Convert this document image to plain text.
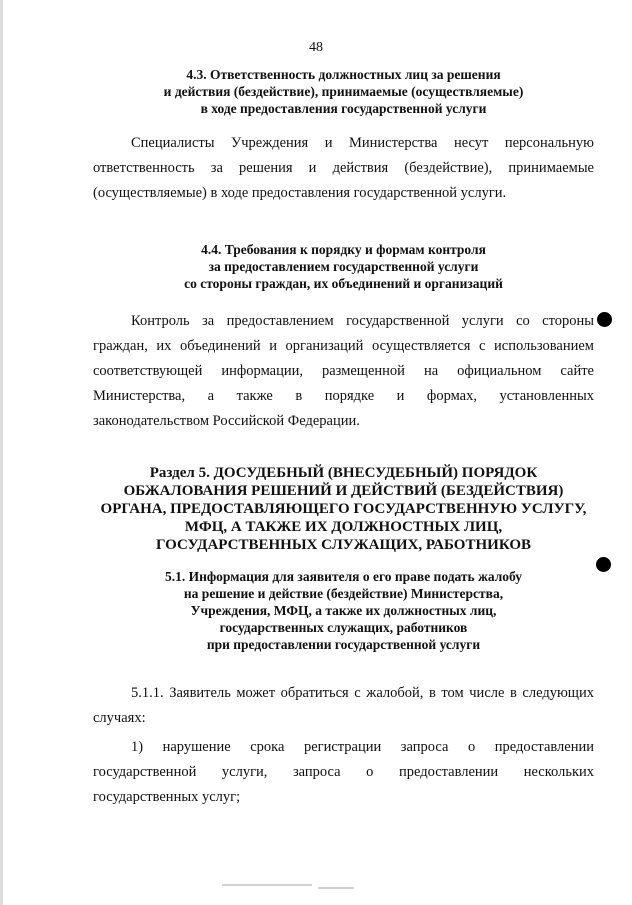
48
4.3. Ответственность должностных лиц за решения
и действия (бездействие), принимаемые (осуществляемые)
в ходе предоставления государственной услуги
Специалисты Учреждения и Министерства несут персональную
ответственность за решения и действия (бездействие), принимаемые
(осуществляемые) в ходе предоставления государственной услуги.
4.4. Требования к порядку и формам контроля
за предоставлением государственной услуги
со стороны граждан, их объединений и организаций
Контроль за предоставлением государственной услуги со стороны
граждан, их объединений и организаций осуществляется с использованием
соответствующей информации, размещенной на официальном сайте
Министерства, а также в порядке и формах, установленных
законодательством Российской Федерации.
Раздел 5. ДОСУДЕБНЫЙ (ВНЕСУДЕБНЫЙ) ПОРЯДОК
ОБЖАЛОВАНИЯ РЕШЕНИЙ И ДЕЙСТВИЙ (БЕЗДЕЙСТВИЯ)
ОРГАНА, ПРЕДОСТАВЛЯЮЩЕГО ГОСУДАРСТВЕННУЮ УСЛУГУ,
МФЦ, А ТАКЖЕ ИХ ДОЛЖНОСТНЫХ ЛИЦ,
ГОСУДАРСТВЕННЫХ СЛУЖАЩИХ, РАБОТНИКОВ
5.1. Информация для заявителя о его праве подать жалобу
на решение и действие (бездействие) Министерства,
Учреждения, МФЦ, а также их должностных лиц,
государственных служащих, работников
при предоставлении государственной услуги
5.1.1. Заявитель может обратиться с жалобой, в том числе в следующих
случаях:
1) нарушение срока регистрации запроса о предоставлении
государственной услуги, запроса о предоставлении нескольких
государственных услуг;
